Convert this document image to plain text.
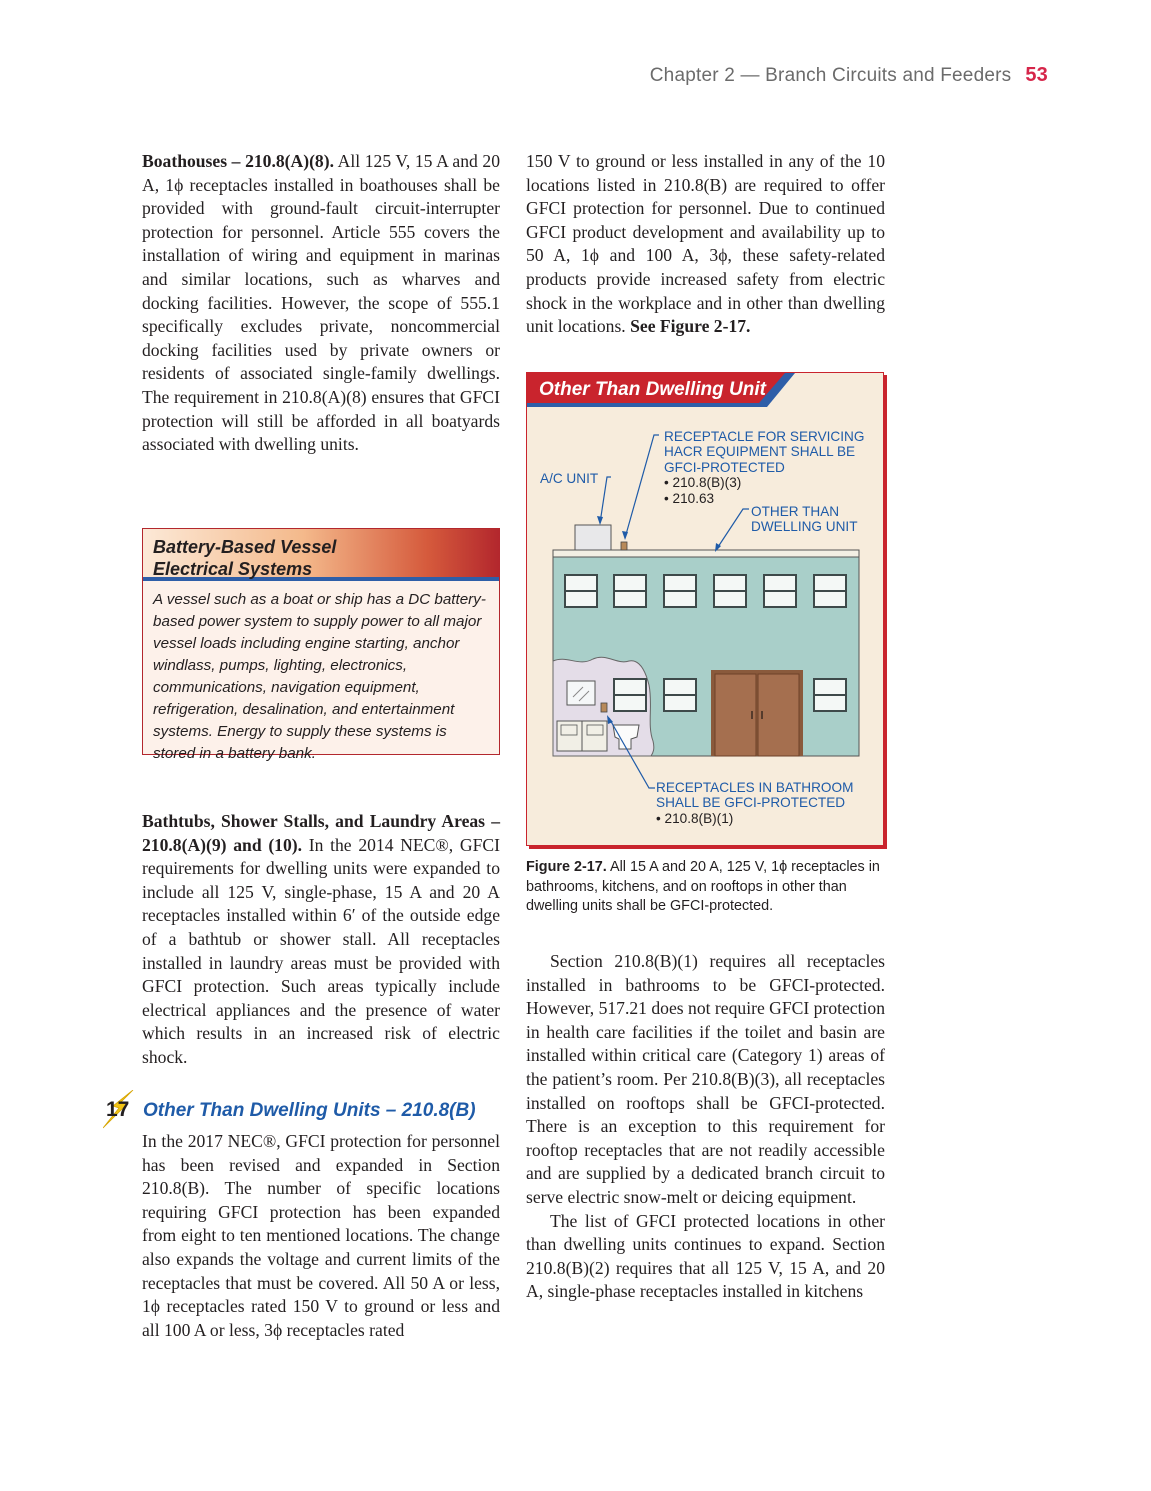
Chapter 2 — Branch Circuits and Feeders 53

Boathouses – 210.8(A)(8). All 125 V, 15 A and 20 A, 1ϕ receptacles installed in boathouses shall be provided with ground-fault circuit-interrupter protection for personnel. Article 555 covers the installation of wiring and equipment in marinas and similar locations, such as wharves and docking facilities. However, the scope of 555.1 specifically excludes private, noncommercial docking facilities used by private owners or residents of associated single-family dwellings. The requirement in 210.8(A)(8) ensures that GFCI protection will still be afforded in all boatyards associated with dwelling units.

Battery-Based Vessel
Electrical Systems
A vessel such as a boat or ship has a DC battery-based power system to supply power to all major vessel loads including engine starting, anchor windlass, pumps, lighting, electronics, communications, navigation equipment, refrigeration, desalination, and entertainment systems. Energy to supply these systems is stored in a battery bank.

Bathtubs, Shower Stalls, and Laundry Areas – 210.8(A)(9) and (10). In the 2014 NEC®, GFCI requirements for dwelling units were expanded to include all 125 V, single-phase, 15 A and 20 A receptacles installed within 6′ of the outside edge of a bathtub or shower stall. All receptacles installed in laundry areas must be provided with GFCI protection. Such areas typically include electrical appliances and the presence of water which results in an increased risk of electric shock.

17 Other Than Dwelling Units – 210.8(B)

In the 2017 NEC®, GFCI protection for personnel has been revised and expanded in Section 210.8(B). The number of specific locations requiring GFCI protection has been expanded from eight to ten mentioned locations. The change also expands the voltage and current limits of the receptacles that must be covered. All 50 A or less, 1ϕ receptacles rated 150 V to ground or less and all 100 A or less, 3ϕ receptacles rated

150 V to ground or less installed in any of the 10 locations listed in 210.8(B) are required to offer GFCI protection for personnel. Due to continued GFCI product development and availability up to 50 A, 1ϕ and 100 A, 3ϕ, these safety-related products provide increased safety from electric shock in the workplace and in other than dwelling unit locations. See Figure 2-17.

Other Than Dwelling Unit
A/C UNIT
RECEPTACLE FOR SERVICING
HACR EQUIPMENT SHALL BE
GFCI-PROTECTED
• 210.8(B)(3)
• 210.63
OTHER THAN
DWELLING UNIT
RECEPTACLES IN BATHROOM
SHALL BE GFCI-PROTECTED
• 210.8(B)(1)
Figure 2-17. All 15 A and 20 A, 125 V, 1ϕ receptacles in bathrooms, kitchens, and on rooftops in other than dwelling units shall be GFCI-protected.

Section 210.8(B)(1) requires all receptacles installed in bathrooms to be GFCI-protected. However, 517.21 does not require GFCI protection in health care facilities if the toilet and basin are installed within critical care (Category 1) areas of the patient’s room. Per 210.8(B)(3), all receptacles installed on rooftops shall be GFCI-protected. There is an exception to this requirement for rooftop receptacles that are not readily accessible and are supplied by a dedicated branch circuit to serve electric snow-melt or deicing equipment.

The list of GFCI protected locations in other than dwelling units continues to expand. Section 210.8(B)(2) requires that all 125 V, 15 A, and 20 A, single-phase receptacles installed in kitchens
